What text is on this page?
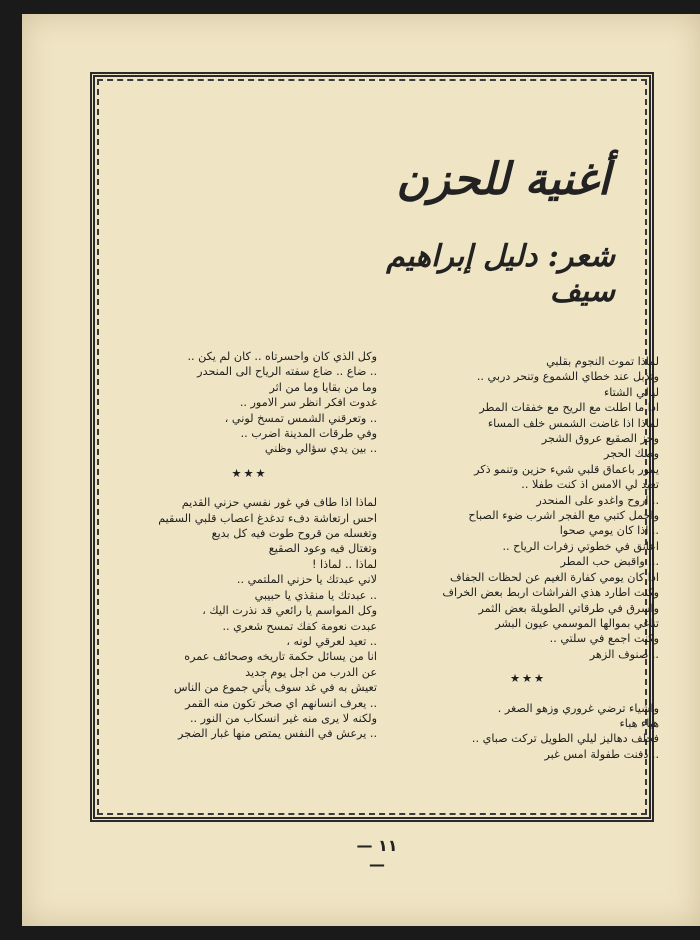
أغنية للحزن
شعر: دليل إبراهيم سيف
لماذا تموت النجوم بقلبي
وتذبل عند خطاي الشموع وتنحر دربي ..
ليالي الشتاء
اذا ما اطلت مع الريح مع خفقات المطر
لماذا اذا غاضت الشمس خلف المساء
وحز الصقيع عروق الشجر
وصك الحجر
يمور باعماق قلبي شيء حزين وتنمو ذكر
تعيد لي الامس اذ كنت طفلا ..
.. اروح واغدو على المنحدر
واحمل كتبي مع الفجر اشرب ضوء الصباح
.. اذا كان يومي صحوا
اعانق في خطوتي زفرات الرياح ..
... واقبض حب المطر
اذا كان يومي كفارة الغيم عن لحظات الجفاف
وكنت اطارد هذي الفراشات اربط بعض الخراف
واسرق في طرقاتي الطويلة بعض الثمر
تناغي بموالها الموسمي عيون البشر
وكنت اجمع في سلتي ..
.. صنوف الزهر
★★★
واشياء ترضي غروري وزهو الصغر .
هباء هباء
فخلف دهاليز ليلي الطويل تركت صباي ..
.. دفنت طفولة امس غبر
وكل الذي كان واحسرتاه .. كان لم يكن ..
.. ضاع .. ضاع سفته الرياح الى المنحدر
وما من بقايا وما من اثر
غدوت افكر انظر سر الامور ..
.. وتعرقني الشمس تمسخ لوني ،
وفي طرقات المدينة اضرب ..
.. بين يدي سؤالي وظني
★★★
لماذا اذا طاف في غور نفسي حزني القديم
احس ارتعاشة دفء تدغدغ اعصاب قلبي السقيم
وتغسله من قروح طوت فيه كل بديع
وتغتال فيه وعود الصقيع
لماذا .. لماذا !
لاني عبدتك يا حزني الملتمي ..
.. عبدتك يا منقذي يا حبيبي
وكل المواسم يا رائعي قد نذرت اليك ،
عبدت نعومة كفك تمسح شعري ..
.. تعيد لعرقي لونه ،
انا من يسائل حكمة تاريخه وصحائف عمره
عن الدرب من اجل يوم جديد
تعيش به في غد سوف يأتي جموع من الناس
.. يعرف انسانهم اي صخر تكون منه القمر
ولكنه لا يرى منه غير انسكاب من النور ..
.. يرعش في النفس يمتص منها غبار الضجر
— ١١ —
